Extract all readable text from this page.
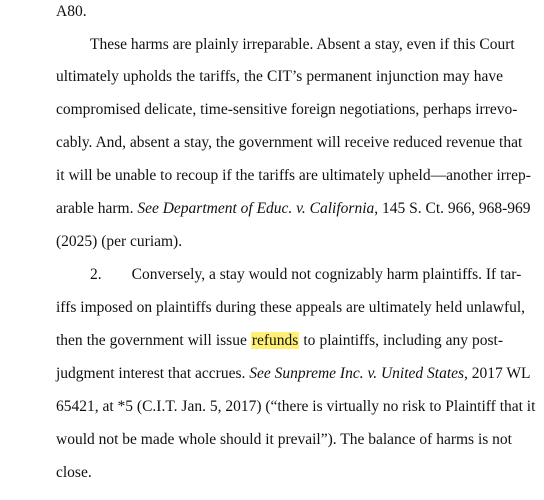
A80.
These harms are plainly irreparable. Absent a stay, even if this Court
ultimately upholds the tariffs, the CIT’s permanent injunction may have
compromised delicate, time-sensitive foreign negotiations, perhaps irrevo-
cably. And, absent a stay, the government will receive reduced revenue that
it will be unable to recoup if the tariffs are ultimately upheld—another irrep-
arable harm. See Department of Educ. v. California, 145 S. Ct. 966, 968-969
(2025) (per curiam).
2. Conversely, a stay would not cognizably harm plaintiffs. If tar-
iffs imposed on plaintiffs during these appeals are ultimately held unlawful,
then the government will issue refunds to plaintiffs, including any post-
judgment interest that accrues. See Sunpreme Inc. v. United States, 2017 WL
65421, at *5 (C.I.T. Jan. 5, 2017) (“there is virtually no risk to Plaintiff that it
would not be made whole should it prevail”). The balance of harms is not
close.
